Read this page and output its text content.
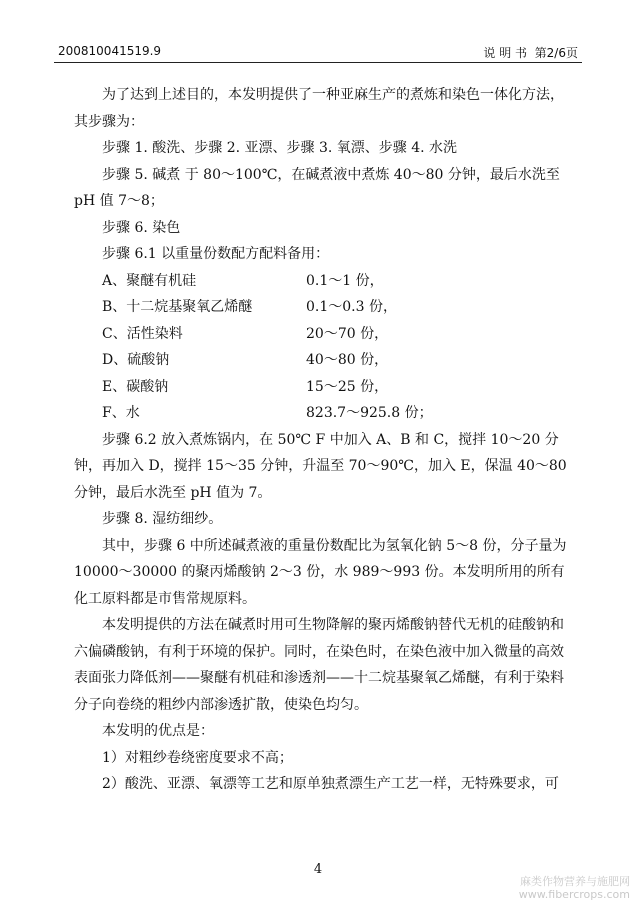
200810041519.9	说 明 书 第2/6页

为了达到上述目的，本发明提供了一种亚麻生产的煮炼和染色一体化方法，其步骤为：

步骤 1. 酸洗、步骤 2. 亚漂、步骤 3. 氧漂、步骤 4. 水洗

步骤 5. 碱煮 于 80～100℃，在碱煮液中煮炼 40～80 分钟，最后水洗至 pH 值 7～8；

步骤 6. 染色

步骤 6.1 以重量份数配方配料备用：

A、聚醚有机硅	0.1～1 份，
B、十二烷基聚氧乙烯醚	0.1～0.3 份，
C、活性染料	20～70 份，
D、硫酸钠	40～80 份，
E、碳酸钠	15～25 份，
F、水	823.7～925.8 份；

步骤 6.2 放入煮炼锅内，在 50℃ F 中加入 A、B 和 C，搅拌 10～20 分钟，再加入 D，搅拌 15～35 分钟，升温至 70～90℃，加入 E，保温 40～80 分钟，最后水洗至 pH 值为 7。

步骤 8. 湿纺细纱。

其中，步骤 6 中所述碱煮液的重量份数配比为氢氧化钠 5～8 份，分子量为 10000～30000 的聚丙烯酸钠 2～3 份，水 989～993 份。本发明所用的所有化工原料都是市售常规原料。

本发明提供的方法在碱煮时用可生物降解的聚丙烯酸钠替代无机的硅酸钠和六偏磷酸钠，有利于环境的保护。同时，在染色时，在染色液中加入微量的高效表面张力降低剂——聚醚有机硅和渗透剂——十二烷基聚氧乙烯醚，有利于染料分子向卷绕的粗纱内部渗透扩散，使染色均匀。

本发明的优点是：

1）对粗纱卷绕密度要求不高；

2）酸洗、亚漂、氧漂等工艺和原单独煮漂生产工艺一样，无特殊要求，可

4
麻类作物营养与施肥网
www.fibercrops.com
